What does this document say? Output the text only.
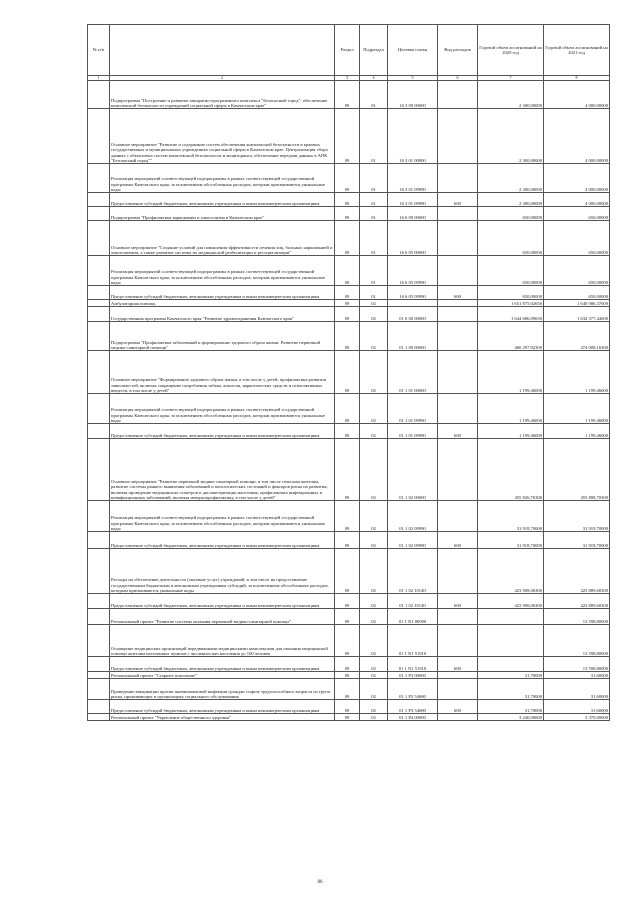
№ п/п		Раздел	Подраздел	Целевая статья	Вид расходов	Годовой объем ассигнований на 2020 год	Годовой объем ассигнований на 2021 год
1	2	3	4	5	6	7	8
	Подпрограмма "Построение и развитие аппаратно-программного комплекса "Безопасный город", обеспечение комплексной безопасности учреждений социальной сферы в Камчатском крае"	09	01	16 3 00 00000		2 300,00000	4 000,00000
	Основное мероприятие "Развитие и содержание систем обеспечения комплексной безопасности в краевых государственных и муниципальных учреждениях социальной сферы в Камчатском крае. Централизация сбора данных с объектовых систем комплексной безопасности и мониторинга, обеспечение передачи данных в АПК "Безопасный город""	09	01	16 3 01 00000		2 300,00000	4 000,00000
	Реализация мероприятий соответствующей подпрограммы в рамках соответствующей государственной программы Камчатского края, за исключением обособленных расходов, которым присваиваются уникальные коды	09	01	16 3 01 09990		2 300,00000	4 000,00000
	Предоставление субсидий бюджетным, автономным учреждениям и иным некоммерческим организациям	09	01	16 3 01 09990	600	2 300,00000	4 000,00000
	Подпрограмма "Профилактика наркомании и алкоголизма в Камчатском крае"	09	01	16 6 00 00000		650,00000	650,00000
	Основное мероприятие "Создание условий для повышения эффективности лечения лиц, больных наркоманией и алкоголизмом, а также развитие системы их медицинской реабилитации и ресоциализации"	09	01	16 6 05 00000		650,00000	650,00000
	Реализация мероприятий соответствующей подпрограммы в рамках соответствующей государственной программы Камчатского края, за исключением обособленных расходов, которым присваиваются уникальные коды	09	01	16 6 05 09990		650,00000	650,00000
	Предоставление субсидий бюджетным, автономным учреждениям и иным некоммерческим организациям	09	01	16 6 05 09990	600	650,00000	650,00000
	Амбулаторная помощь	09	02			1 651 875,02650	1 640 086,37600
	Государственная программа Камчатского края "Развитие здравоохранения Камчатского края"	09	02	01 0 00 00000		1 644 686,09650	1 632 377,44600
	Подпрограмма "Профилактика заболеваний и формирование здорового образа жизни. Развитие первичной медико-санитарной помощи"	09	02	01 1 00 00000		460 297,92300	474 008,16300
	Основное мероприятие "Формирование здорового образа жизни, в том числе у детей, профилактика развития зависимостей, включая сокращение потребления табака, алкоголя, наркотических средств и психоактивных веществ, в том числе у детей"	09	02	01 1 01 00000		1 199,46000	1 199,46000
	Реализация мероприятий соответствующей подпрограммы в рамках соответствующей государственной программы Камчатского края, за исключением обособленных расходов, которым присваиваются уникальные коды	09	02	01 1 01 09990		1 199,46000	1 199,46000
	Предоставление субсидий бюджетным, автономным учреждениям и иным некоммерческим организациям	09	02	01 1 01 09990	600	1 199,46000	1 199,46000
	Основное мероприятие "Развитие первичной медико-санитарной помощи, в том числе сельским жителям, развитие системы раннего выявления заболеваний и патологических состояний и факторов риска их развития, включая проведение медицинских осмотров и диспансеризации населения, профилактика инфекционных и неинфекционных заболеваний, включая иммунопрофилактику, в том числе у детей"	09	02	01 1 02 00000		455 826,76300	455 808,70300
	Реализация мероприятий соответствующей подпрограммы в рамках соответствующей государственной программы Камчатского края, за исключением обособленных расходов, которым присваиваются уникальные коды	09	02	01 1 02 09990		31 918,70000	31 918,70000
	Предоставление субсидий бюджетным, автономным учреждениям и иным некоммерческим организациям	09	02	01 1 02 09990	600	31 918,70000	31 918,70000
	Расходы на обеспечение деятельности (оказание услуг) учреждений, в том числе на предоставление государственным бюджетным и автономным учреждениям субсидий, за исключением обособленных расходов, которым присваиваются уникальные коды	09	02	01 1 02 10140		423 908,06300	423 889,60300
	Предоставление субсидий бюджетным, автономным учреждениям и иным некоммерческим организациям	09	02	01 1 02 10140	600	423 908,06300	423 889,60300
	Региональный проект "Развитие системы оказания первичной медико-санитарной помощи"	09	02	01 1 N1 00000			13 598,80000
	Оснащение медицинских организаций передвижными медицинскими комплексами для оказания медицинской помощи жителям населенных пунктов с численностью населения до 100 человек	09	02	01 1 N1 51910			13 598,80000
	Предоставление субсидий бюджетным, автономным учреждениям и иным некоммерческим организациям	09	02	01 1 N1 51910	600		13 598,80000
	Региональный проект "Старшее поколение"	09	02	01 1 P3 00000		31,70000	31,60000
	Проведение вакцинации против пневмококковой инфекции граждан старше трудоспособного возраста из групп риска, проживающих в организациях социального обслуживания	09	02	01 1 P3 54680		31,70000	31,60000
	Предоставление субсидий бюджетным, автономным учреждениям и иным некоммерческим организациям	09	02	01 1 P3 54680	600	31,70000	31,60000
	Региональный проект "Укрепление общественного здоровья"	09	02	01 1 P4 00000		3 240,00000	3 370,00000
86
